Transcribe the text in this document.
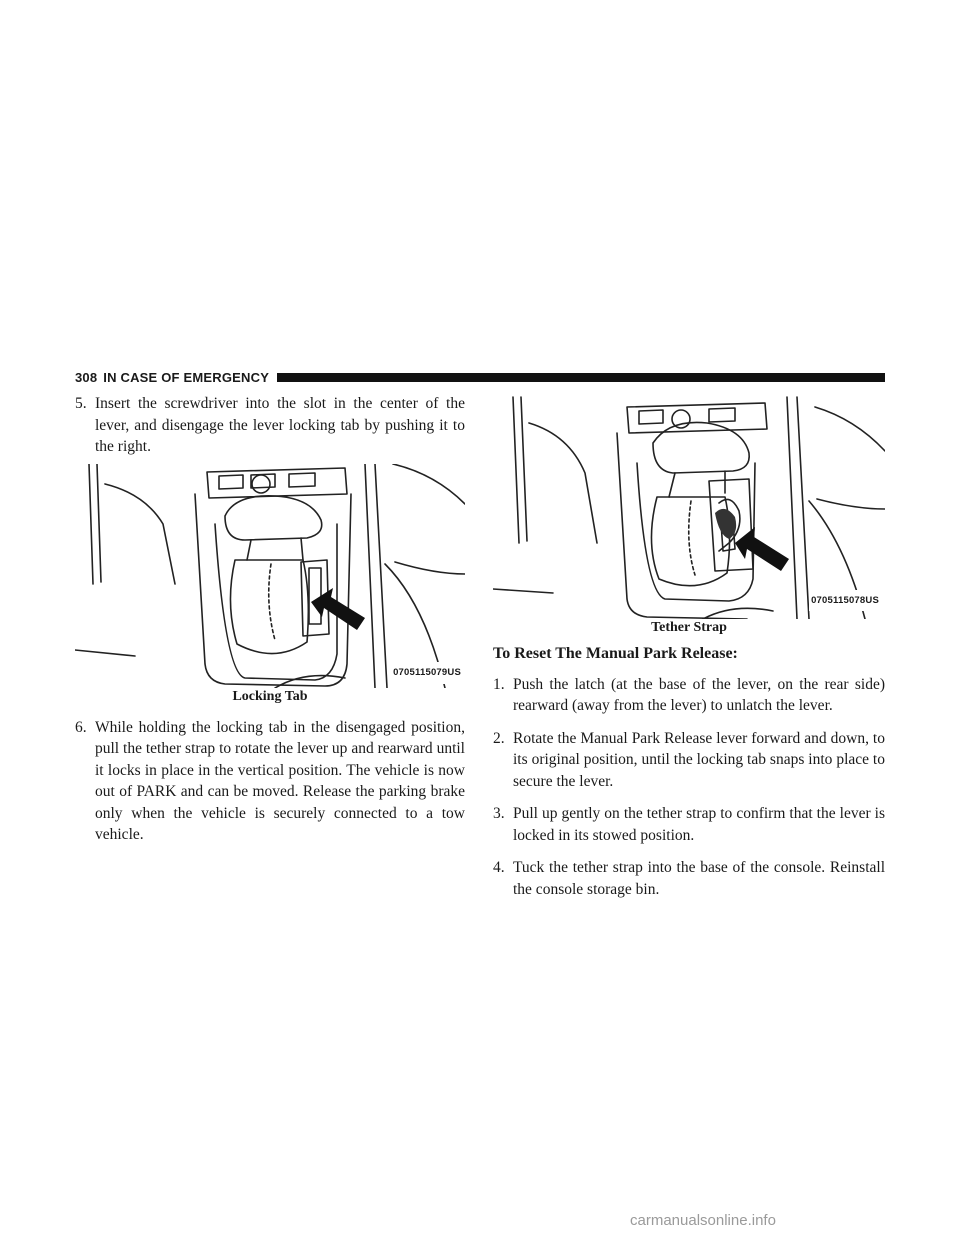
308 IN CASE OF EMERGENCY
5. Insert the screwdriver into the slot in the center of the lever, and disengage the lever locking tab by pushing it to the right.
0705115079US
Locking Tab
6. While holding the locking tab in the disengaged position, pull the tether strap to rotate the lever up and rearward until it locks in place in the vertical position. The vehicle is now out of PARK and can be moved. Release the parking brake only when the vehicle is securely connected to a tow vehicle.
0705115078US
Tether Strap
To Reset The Manual Park Release:
1. Push the latch (at the base of the lever, on the rear side) rearward (away from the lever) to unlatch the lever.
2. Rotate the Manual Park Release lever forward and down, to its original position, until the locking tab snaps into place to secure the lever.
3. Pull up gently on the tether strap to confirm that the lever is locked in its stowed position.
4. Tuck the tether strap into the base of the console. Reinstall the console storage bin.
carmanualsonline.info
